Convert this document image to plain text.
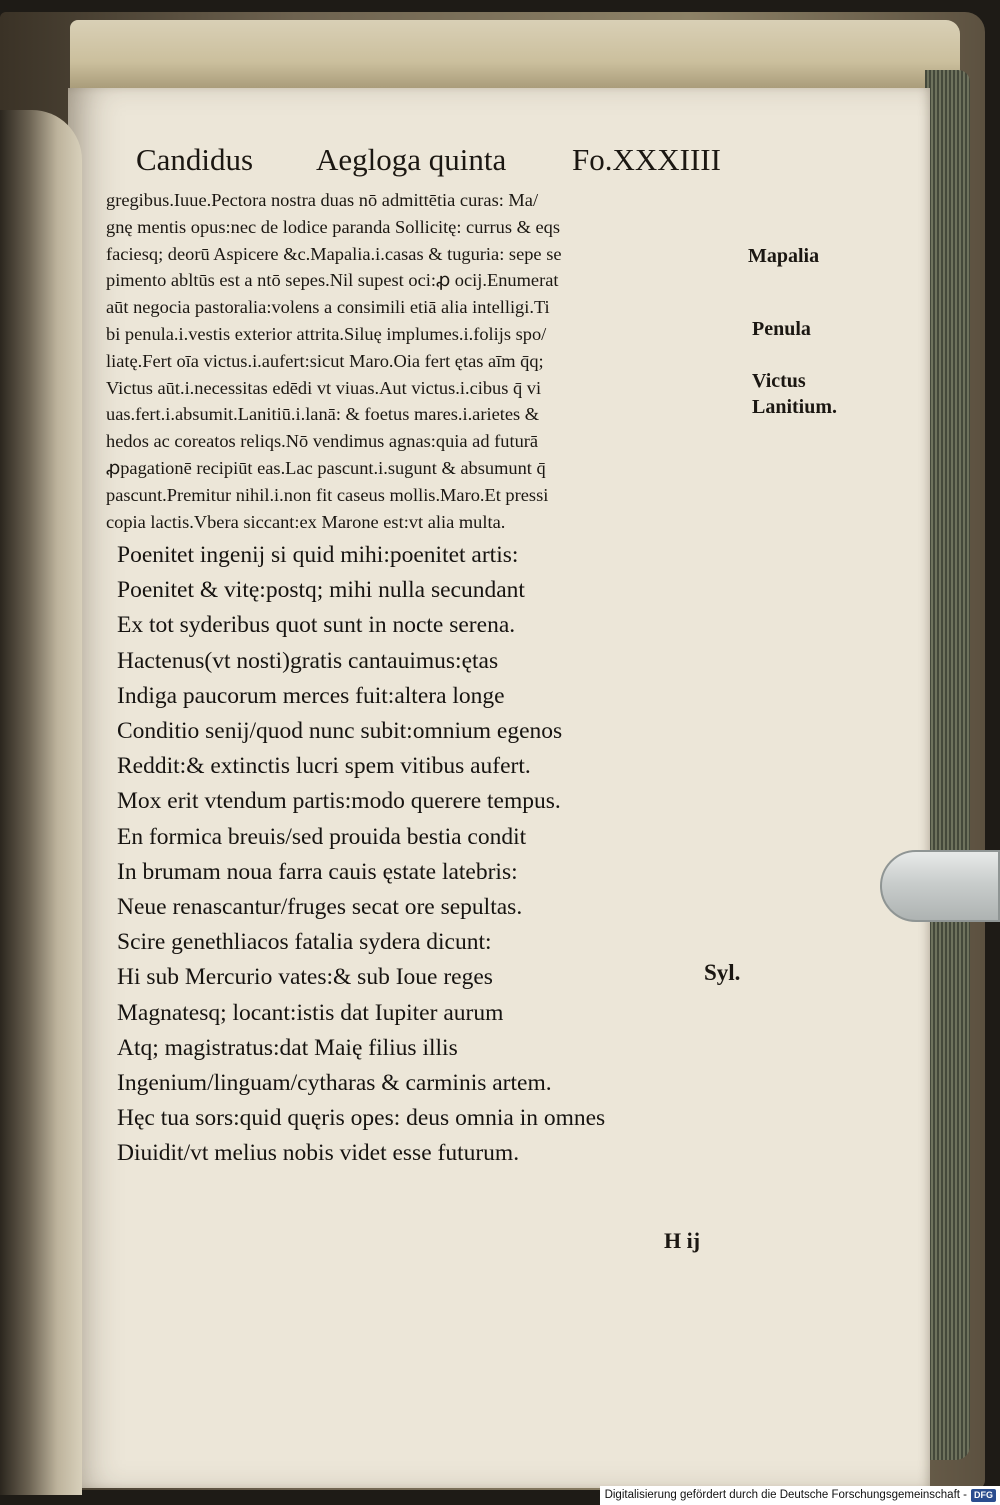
Candidus Aegloga quinta Fo.XXXIIII
gregibus.Iuue.Pectora nostra duas nō admittētia curas: Ma/
gnę mentis opus:nec de lodice paranda Sollicitę: currus & eqs
faciesq; deorū Aspicere &c.Mapalia.i.casas & tuguria: sepe se
pimento abltūs est a ntō sepes.Nil supest oci:ꝓ ocij.Enumerat
aūt negocia pastoralia:volens a consimili etiā alia intelligi.Ti
bi penula.i.vestis exterior attrita.Siluę implumes.i.folijs spo/
liatę.Fert oīa victus.i.aufert:sicut Maro.Oia fert ętas aīm q̄q;
Victus aūt.i.necessitas edēdi vt viuas.Aut victus.i.cibus q̄ vi
uas.fert.i.absumit.Lanitiū.i.lanā: & foetus mares.i.arietes &
hedos ac coreatos reliqs.Nō vendimus agnas:quia ad futurā
ꝓpagationē recipiūt eas.Lac pascunt.i.sugunt & absumunt q̄
pascunt.Premitur nihil.i.non fit caseus mollis.Maro.Et pressi
copia lactis.Vbera siccant:ex Marone est:vt alia multa.
Mapalia
Penula
Victus
Lanitium.
Poenitet ingenij si quid mihi:poenitet artis:
Poenitet & vitę:postq; mihi nulla secundant
Ex tot syderibus quot sunt in nocte serena.
Hactenus(vt nosti)gratis cantauimus:ętas
Indiga paucorum merces fuit:altera longe
Conditio senij/quod nunc subit:omnium egenos
Reddit:& extinctis lucri spem vitibus aufert.
Mox erit vtendum partis:modo querere tempus.
En formica breuis/sed prouida bestia condit
In brumam noua farra cauis ęstate latebris:
Neue renascantur/fruges secat ore sepultas.
Scire genethliacos fatalia sydera dicunt:
Hi sub Mercurio vates:& sub Ioue reges
Magnatesq; locant:istis dat Iupiter aurum
Atq; magistratus:dat Maię filius illis
Ingenium/linguam/cytharas & carminis artem.
Hęc tua sors:quid quęris opes: deus omnia in omnes
Diuidit/vt melius nobis videt esse futurum.
Syl.
H ij
Digitalisierung gefördert durch die Deutsche Forschungsgemeinschaft - DFG
